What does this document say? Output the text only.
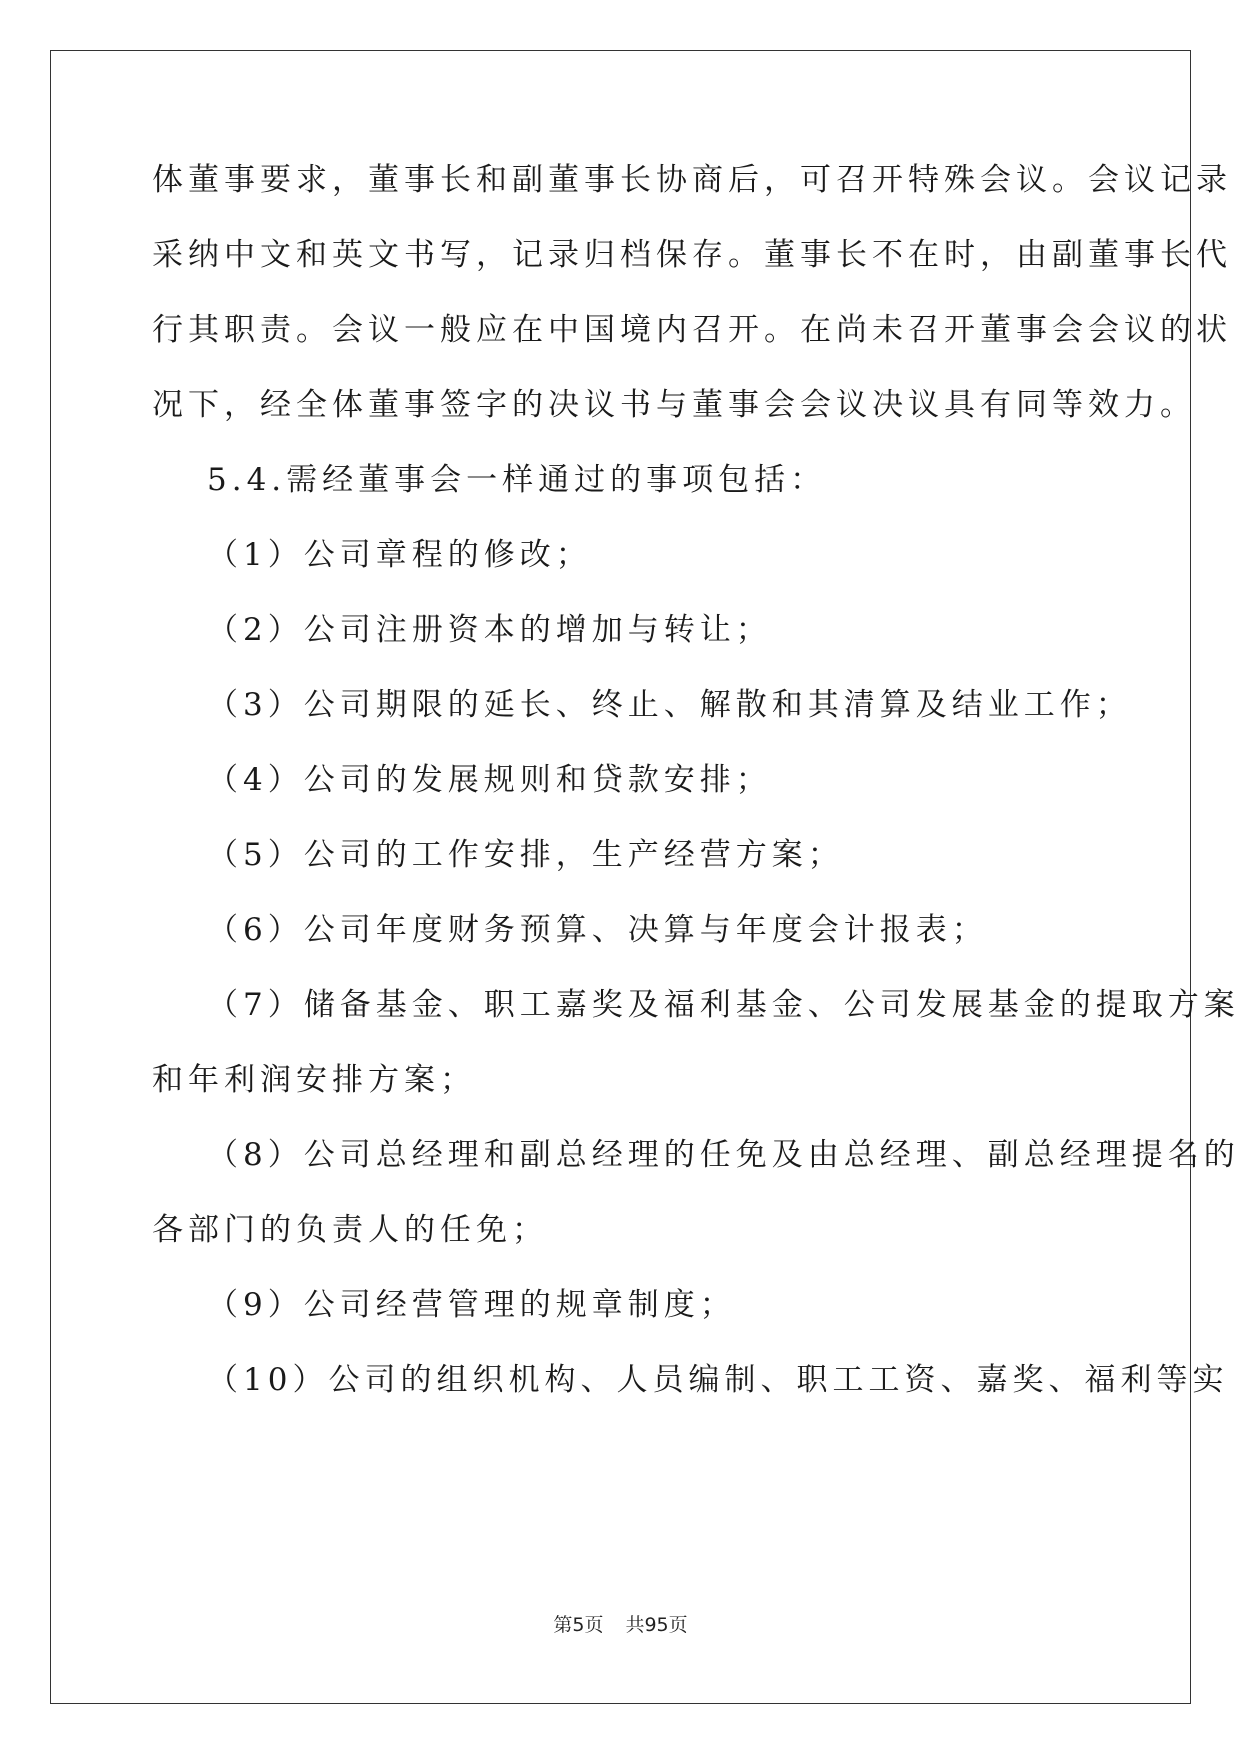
体董事要求，董事长和副董事长协商后，可召开特殊会议。会议记录
采纳中文和英文书写，记录归档保存。董事长不在时，由副董事长代
行其职责。会议一般应在中国境内召开。在尚未召开董事会会议的状
况下，经全体董事签字的决议书与董事会会议决议具有同等效力。
5.4.需经董事会一样通过的事项包括：
（1）公司章程的修改；
（2）公司注册资本的增加与转让；
（3）公司期限的延长、终止、解散和其清算及结业工作；
（4）公司的发展规则和贷款安排；
（5）公司的工作安排，生产经营方案；
（6）公司年度财务预算、决算与年度会计报表；
（7）储备基金、职工嘉奖及福利基金、公司发展基金的提取方案
和年利润安排方案；
（8）公司总经理和副总经理的任免及由总经理、副总经理提名的
各部门的负责人的任免；
（9）公司经营管理的规章制度；
（10）公司的组织机构、人员编制、职工工资、嘉奖、福利等实
第5页 共95页
